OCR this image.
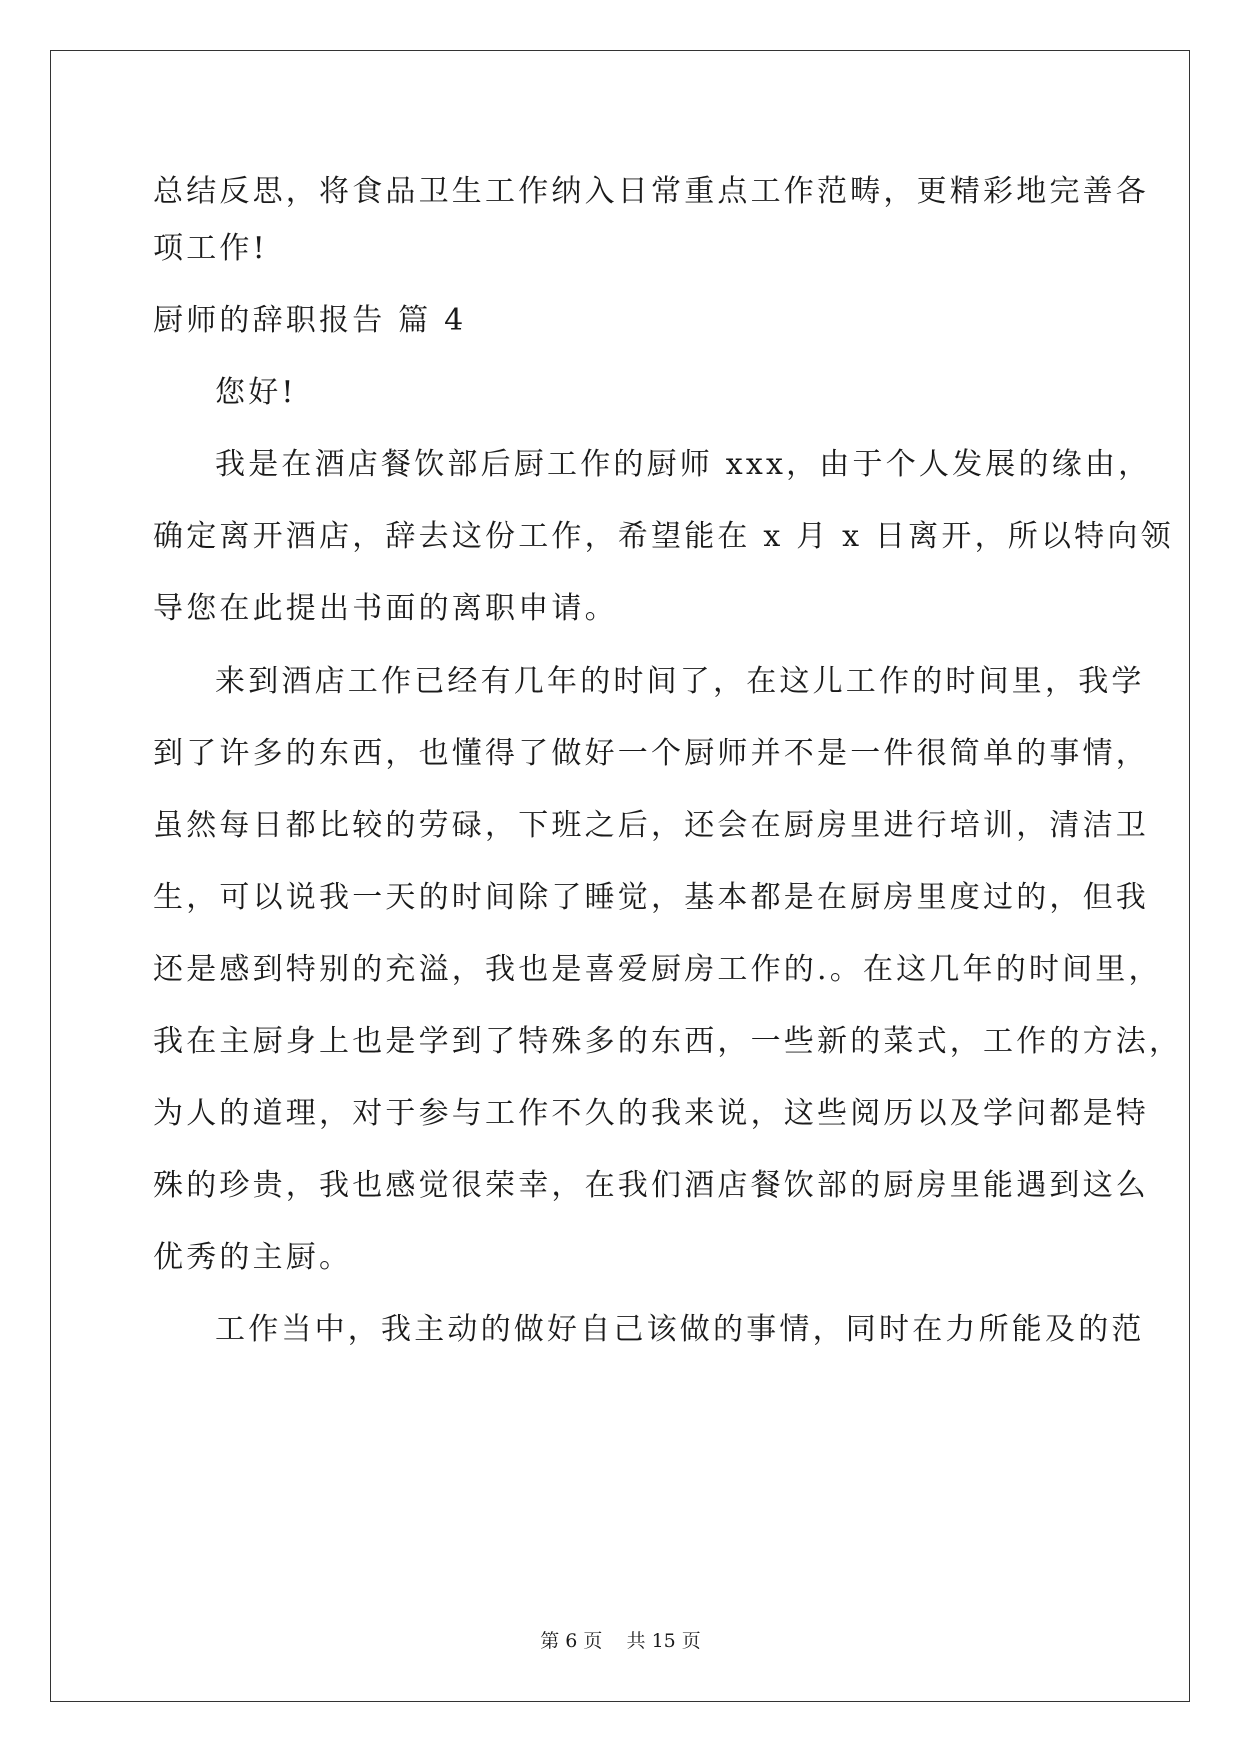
总结反思，将食品卫生工作纳入日常重点工作范畴，更精彩地完善各
项工作!
厨师的辞职报告 篇 4
您好!
我是在酒店餐饮部后厨工作的厨师 xxx，由于个人发展的缘由，
确定离开酒店，辞去这份工作，希望能在 x 月 x 日离开，所以特向领
导您在此提出书面的离职申请。
来到酒店工作已经有几年的时间了，在这儿工作的时间里，我学
到了许多的东西，也懂得了做好一个厨师并不是一件很简单的事情，
虽然每日都比较的劳碌，下班之后，还会在厨房里进行培训，清洁卫
生，可以说我一天的时间除了睡觉，基本都是在厨房里度过的，但我
还是感到特别的充溢，我也是喜爱厨房工作的.。在这几年的时间里，
我在主厨身上也是学到了特殊多的东西，一些新的菜式，工作的方法，
为人的道理，对于参与工作不久的我来说，这些阅历以及学问都是特
殊的珍贵，我也感觉很荣幸，在我们酒店餐饮部的厨房里能遇到这么
优秀的主厨。
工作当中，我主动的做好自己该做的事情，同时在力所能及的范
第 6 页    共 15 页
